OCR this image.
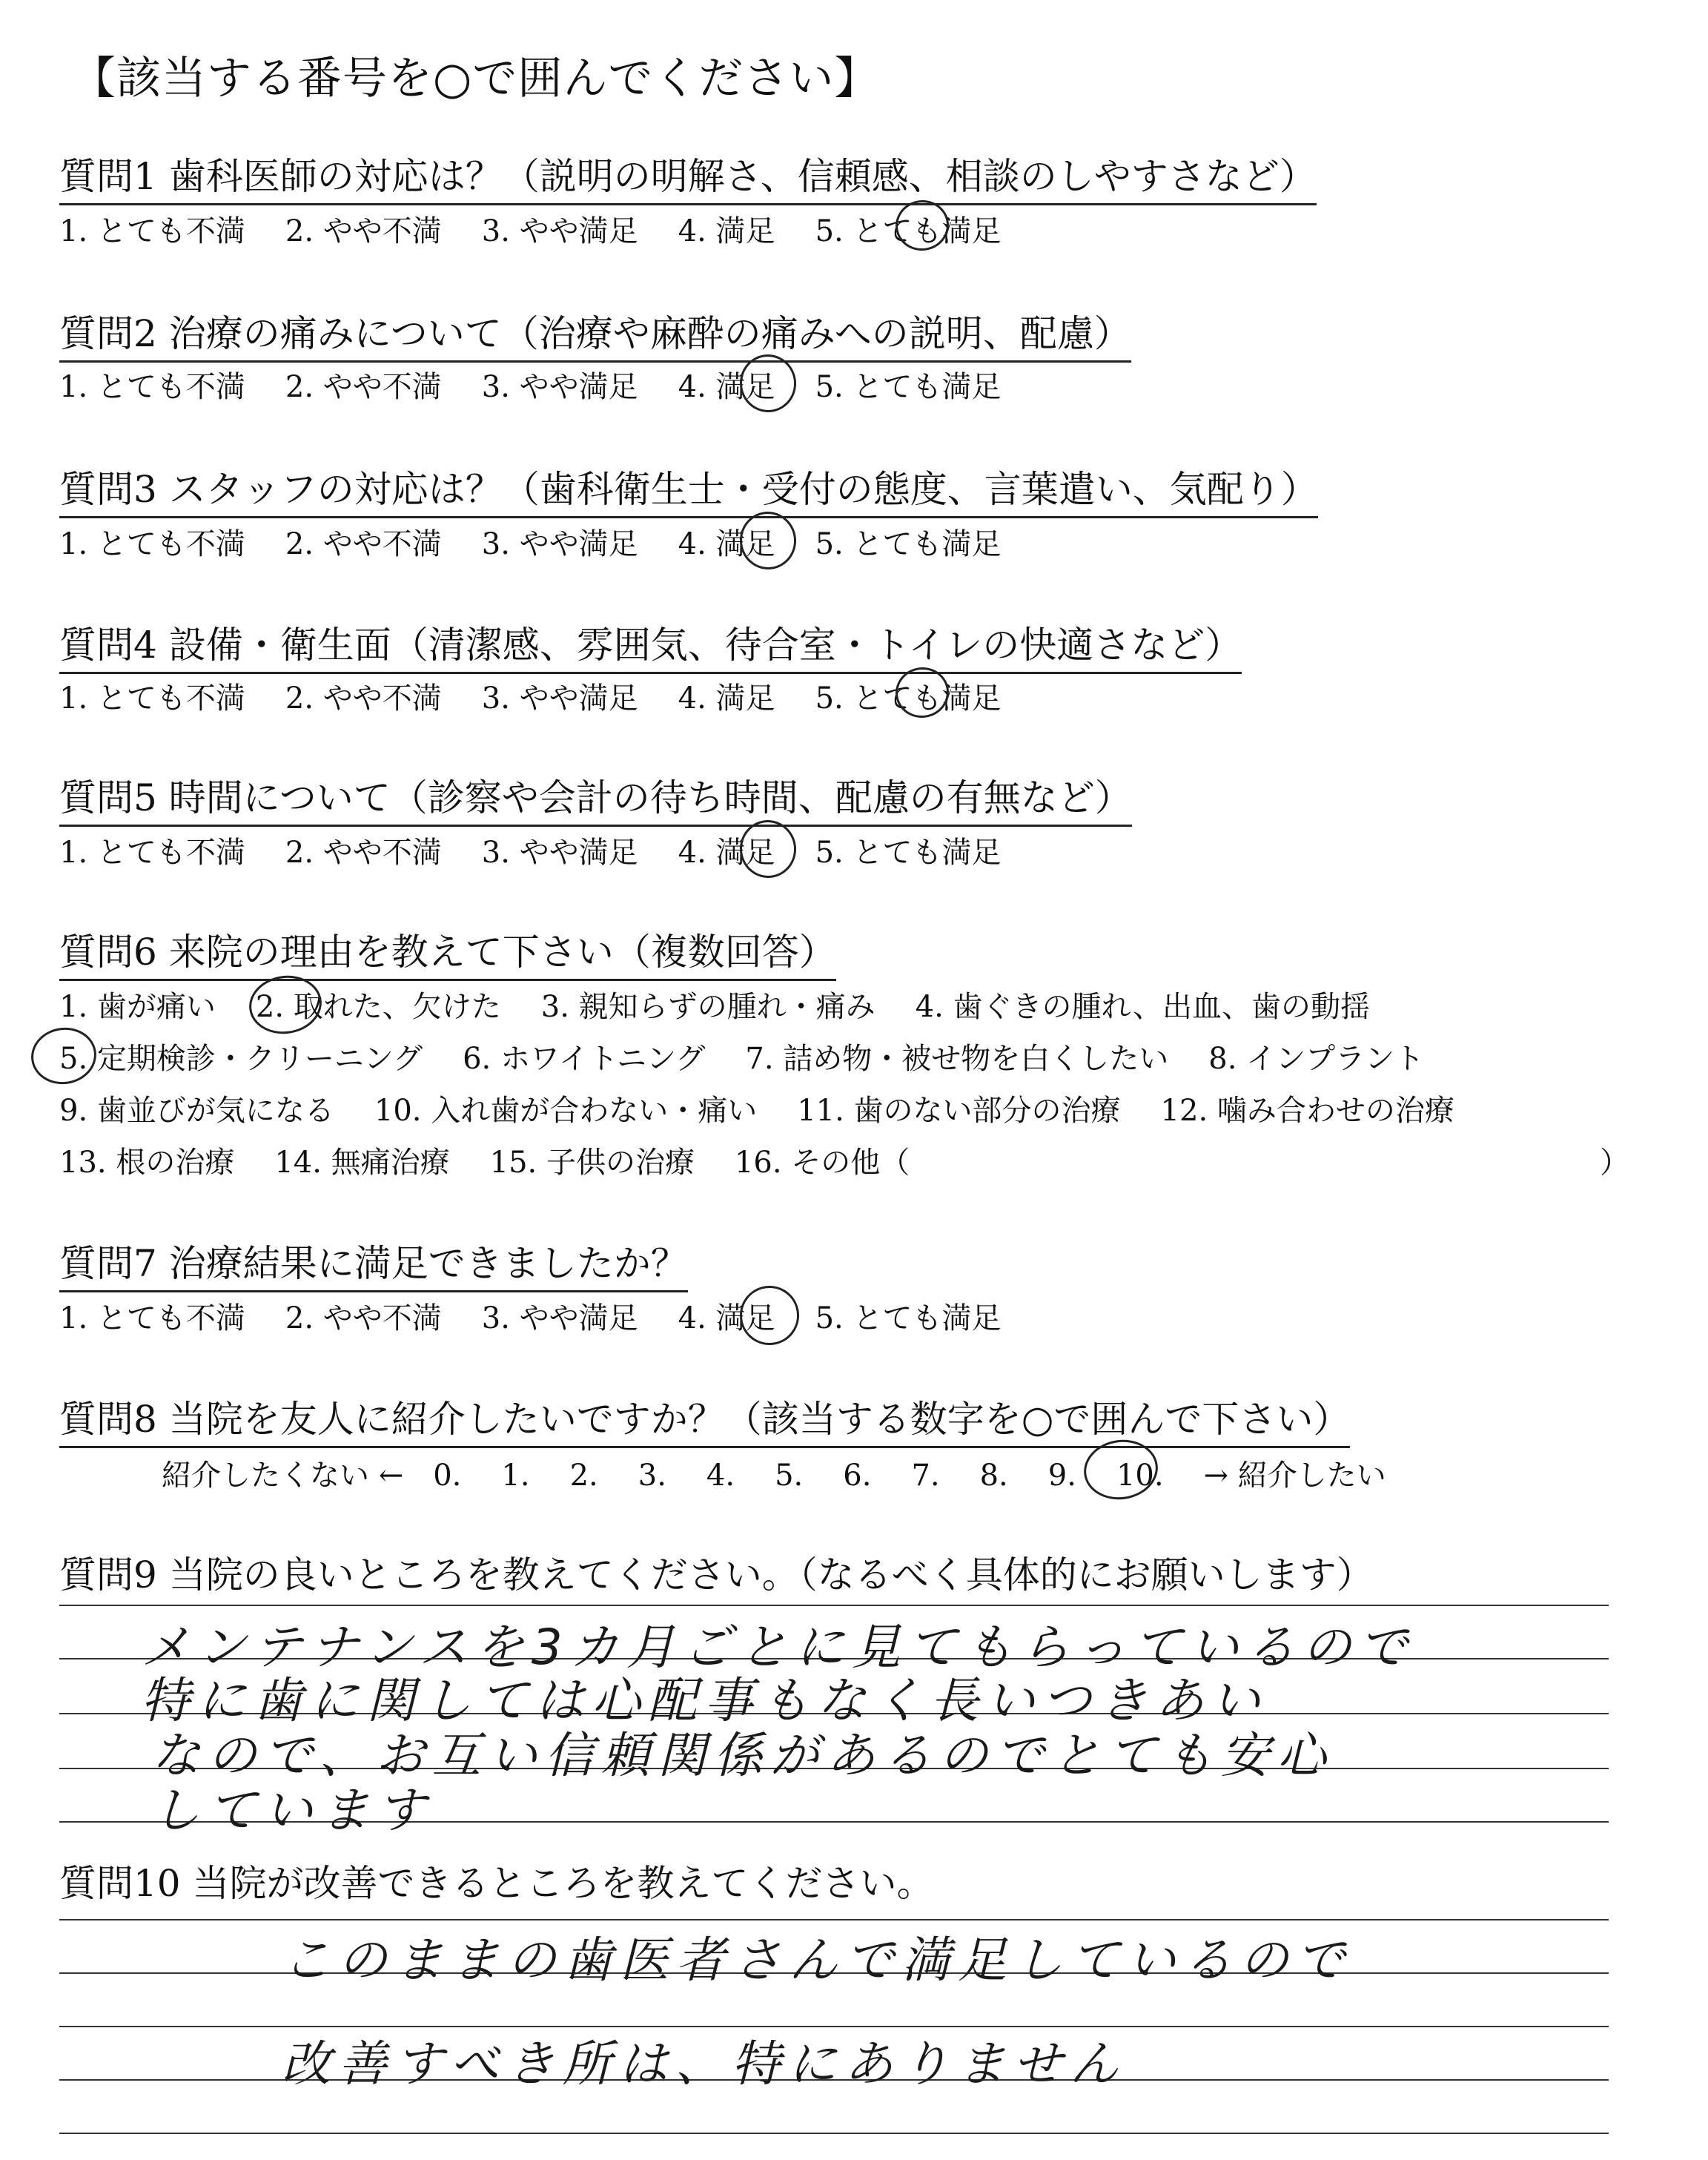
【該当する番号を○で囲んでください】
質問1 歯科医師の対応は？（説明の明解さ、信頼感、相談のしやすさなど）
1. とても不満 2. やや不満 3. やや満足 4. 満足 5. とても満足
質問2 治療の痛みについて（治療や麻酔の痛みへの説明、配慮）
1. とても不満 2. やや不満 3. やや満足 4. 満足 5. とても満足
質問3 スタッフの対応は？（歯科衛生士・受付の態度、言葉遣い、気配り）
1. とても不満 2. やや不満 3. やや満足 4. 満足 5. とても満足
質問4 設備・衛生面（清潔感、雰囲気、待合室・トイレの快適さなど）
1. とても不満 2. やや不満 3. やや満足 4. 満足 5. とても満足
質問5 時間について（診察や会計の待ち時間、配慮の有無など）
1. とても不満 2. やや不満 3. やや満足 4. 満足 5. とても満足
質問6 来院の理由を教えて下さい（複数回答）
1. 歯が痛い 2. 取れた、欠けた 3. 親知らずの腫れ・痛み 4. 歯ぐきの腫れ、出血、歯の動揺
5. 定期検診・クリーニング 6. ホワイトニング 7. 詰め物・被せ物を白くしたい 8. インプラント
9. 歯並びが気になる 10. 入れ歯が合わない・痛い 11. 歯のない部分の治療 12. 噛み合わせの治療
13. 根の治療 14. 無痛治療 15. 子供の治療 16. その他（	）
質問7 治療結果に満足できましたか？
1. とても不満 2. やや不満 3. やや満足 4. 満足 5. とても満足
質問8 当院を友人に紹介したいですか？（該当する数字を○で囲んで下さい）
紹介したくない ← 0. 1. 2. 3. 4. 5. 6. 7. 8. 9. 10. → 紹介したい
質問9 当院の良いところを教えてください。（なるべく具体的にお願いします）
メンテナンスを3カ月ごとに見てもらっているので
特に歯に関しては心配事もなく長いつきあい
なので、お互い信頼関係があるのでとても安心
しています
質問10 当院が改善できるところを教えてください。
このままの歯医者さんで満足しているので
改善すべき所は、特にありません
